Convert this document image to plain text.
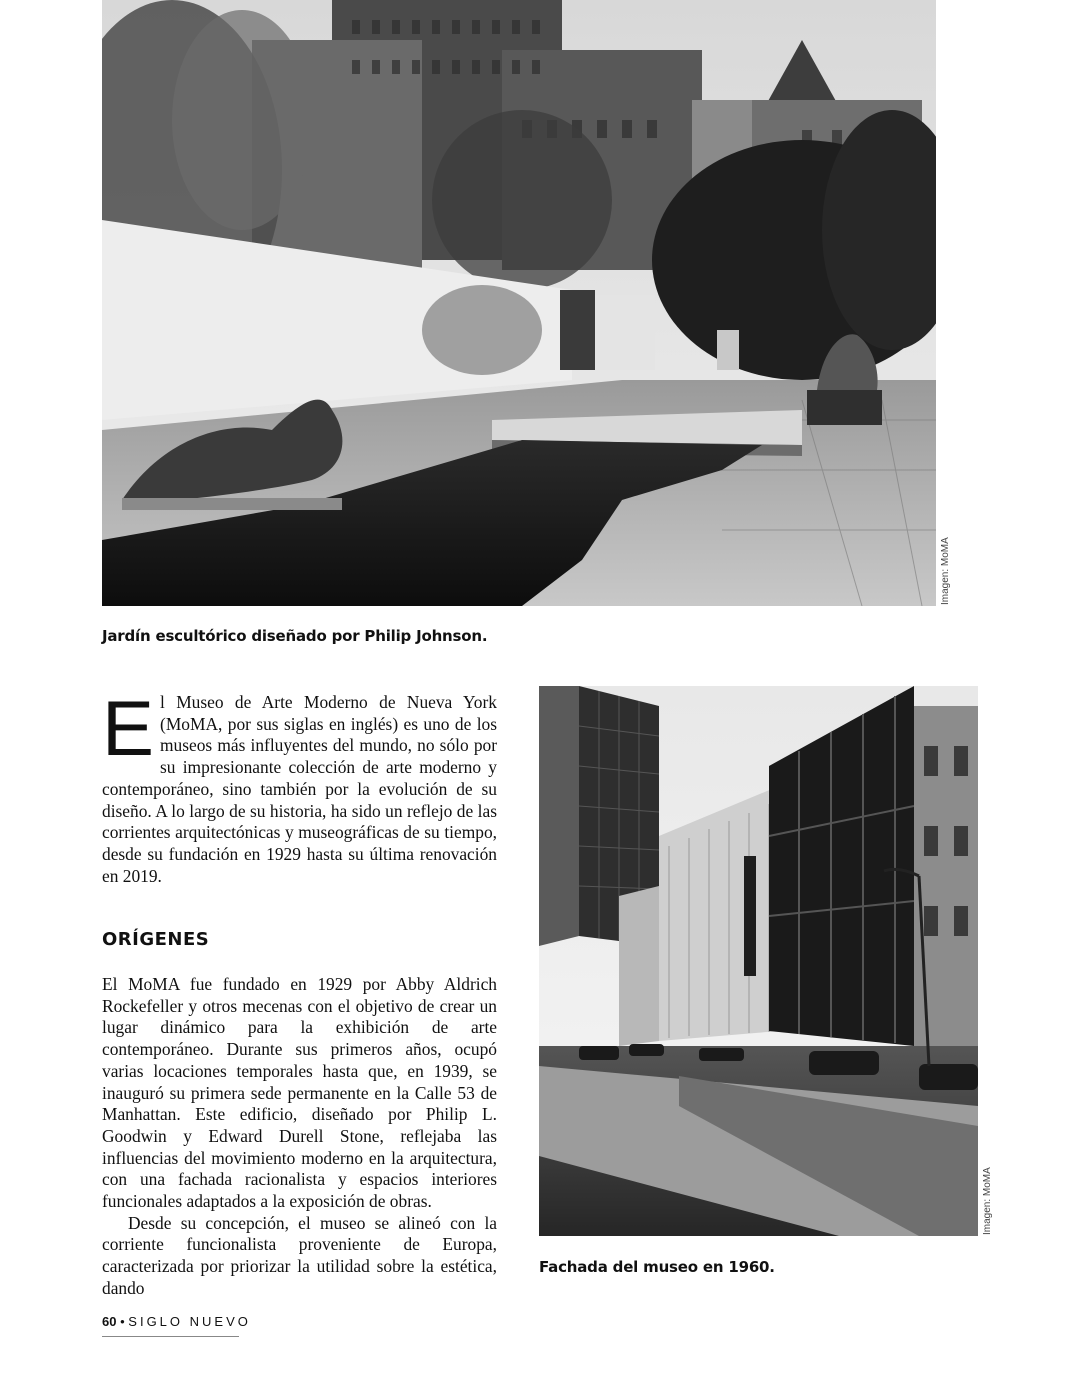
Imagen: MoMA
Jardín escultórico diseñado por Philip Johnson.
Imagen: MoMA
Fachada del museo en 1960.
E l Museo de Arte Moderno de Nueva York (MoMA, por sus siglas en inglés) es uno de los museos más influyentes del mundo, no sólo por su impresionante colección de arte moderno y contemporáneo, sino también por la evolución de su diseño. A lo largo de su historia, ha sido un reflejo de las corrientes arquitectónicas y museográficas de su tiempo, desde su fundación en 1929 hasta su última renovación en 2019.
ORÍGENES

El MoMA fue fundado en 1929 por Abby Aldrich Rockefeller y otros mecenas con el objetivo de crear un lugar dinámico para la exhibición de arte contemporáneo. Durante sus primeros años, ocupó varias locaciones temporales hasta que, en 1939, se inauguró su primera sede permanente en la Calle 53 de Manhattan. Este edificio, diseñado por Philip L. Goodwin y Edward Durell Stone, reflejaba las influencias del movimiento moderno en la arquitectura, con una fachada racionalista y espacios interiores funcionales adaptados a la exposición de obras.

Desde su concepción, el museo se alineó con la corriente funcionalista proveniente de Europa, caracterizada por priorizar la utilidad sobre la estética, dando

60 • SIGLO NUEVO
